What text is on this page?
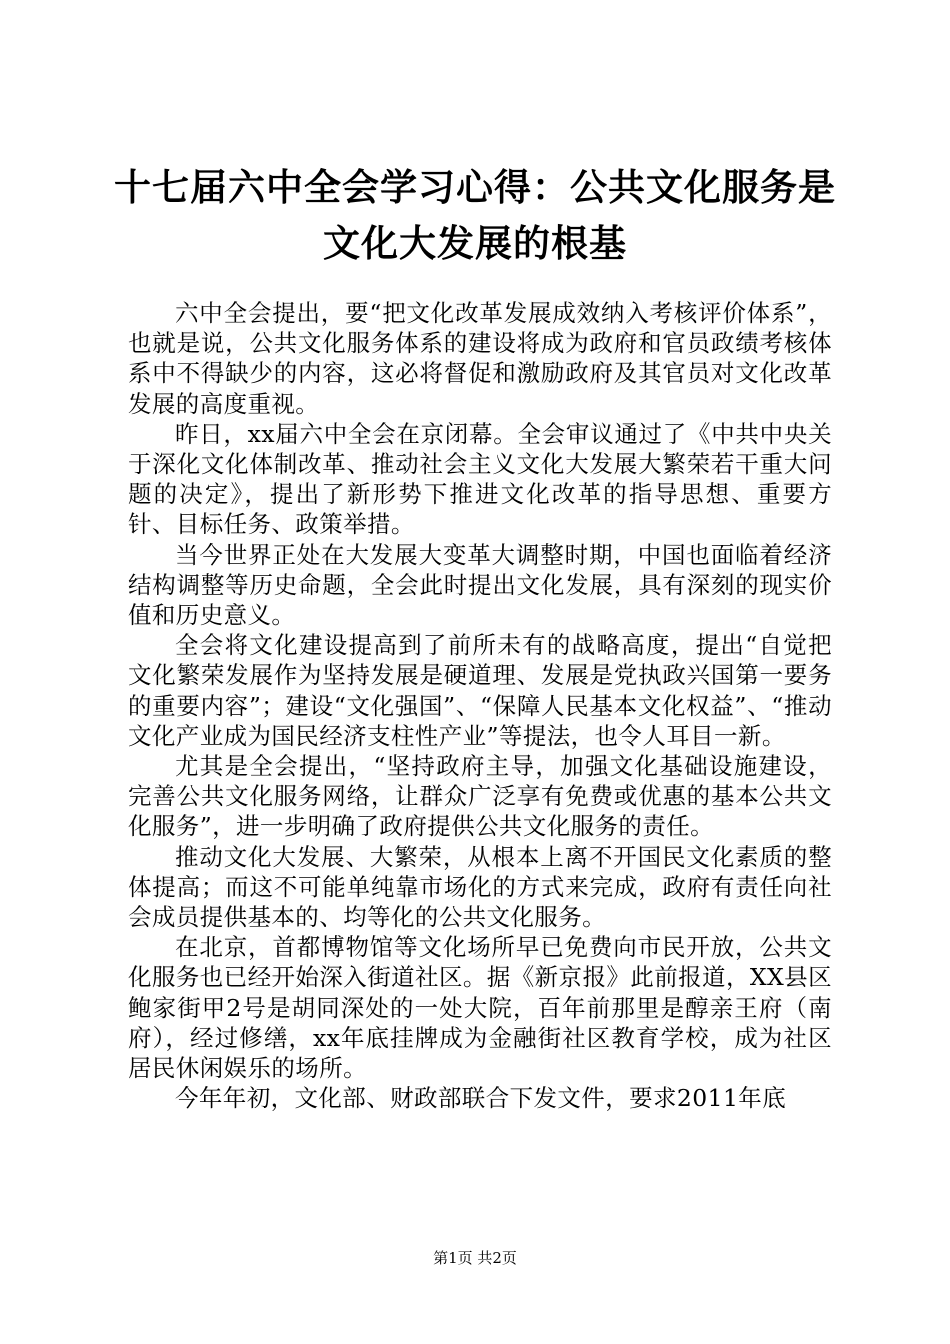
十七届六中全会学习心得：公共文化服务是文化大发展的根基

六中全会提出，要“把文化改革发展成效纳入考核评价体系”，也就是说，公共文化服务体系的建设将成为政府和官员政绩考核体系中不得缺少的内容，这必将督促和激励政府及其官员对文化改革发展的高度重视。

昨日，xx届六中全会在京闭幕。全会审议通过了《中共中央关于深化文化体制改革、推动社会主义文化大发展大繁荣若干重大问题的决定》，提出了新形势下推进文化改革的指导思想、重要方针、目标任务、政策举措。

当今世界正处在大发展大变革大调整时期，中国也面临着经济结构调整等历史命题，全会此时提出文化发展，具有深刻的现实价值和历史意义。

全会将文化建设提高到了前所未有的战略高度，提出“自觉把文化繁荣发展作为坚持发展是硬道理、发展是党执政兴国第一要务的重要内容”；建设“文化强国”、“保障人民基本文化权益”、“推动文化产业成为国民经济支柱性产业”等提法，也令人耳目一新。

尤其是全会提出，“坚持政府主导，加强文化基础设施建设，完善公共文化服务网络，让群众广泛享有免费或优惠的基本公共文化服务”，进一步明确了政府提供公共文化服务的责任。

推动文化大发展、大繁荣，从根本上离不开国民文化素质的整体提高；而这不可能单纯靠市场化的方式来完成，政府有责任向社会成员提供基本的、均等化的公共文化服务。

在北京，首都博物馆等文化场所早已免费向市民开放，公共文化服务也已经开始深入街道社区。据《新京报》此前报道，XX县区鲍家街甲2号是胡同深处的一处大院，百年前那里是醇亲王府（南府），经过修缮，xx年底挂牌成为金融街社区教育学校，成为社区居民休闲娱乐的场所。

今年年初，文化部、财政部联合下发文件，要求2011年底

第1页 共2页
